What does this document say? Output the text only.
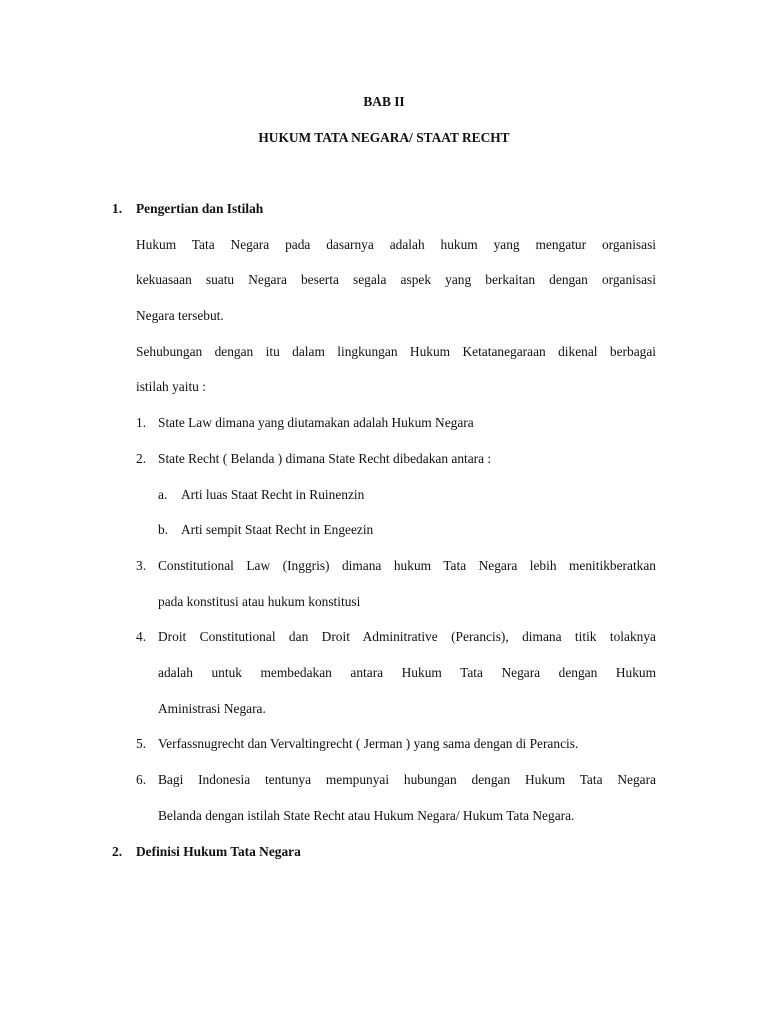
BAB II
HUKUM TATA NEGARA/ STAAT RECHT
1. Pengertian dan Istilah
Hukum Tata Negara pada dasarnya adalah hukum yang mengatur organisasi
kekuasaan suatu Negara beserta segala aspek yang berkaitan dengan organisasi
Negara tersebut.
Sehubungan dengan itu dalam lingkungan Hukum Ketatanegaraan dikenal berbagai
istilah yaitu :
1. State Law dimana yang diutamakan adalah Hukum Negara
2. State Recht ( Belanda ) dimana State Recht dibedakan antara :
a. Arti luas Staat Recht in Ruinenzin
b. Arti sempit Staat Recht in Engeezin
3. Constitutional Law (Inggris) dimana hukum Tata Negara lebih menitikberatkan
pada konstitusi atau hukum konstitusi
4. Droit Constitutional dan Droit Adminitrative (Perancis), dimana titik tolaknya
adalah untuk membedakan antara Hukum Tata Negara dengan Hukum
Aministrasi Negara.
5. Verfassnugrecht dan Vervaltingrecht ( Jerman ) yang sama dengan di Perancis.
6. Bagi Indonesia tentunya mempunyai hubungan dengan Hukum Tata Negara
Belanda dengan istilah State Recht atau Hukum Negara/ Hukum Tata Negara.
2. Definisi Hukum Tata Negara
